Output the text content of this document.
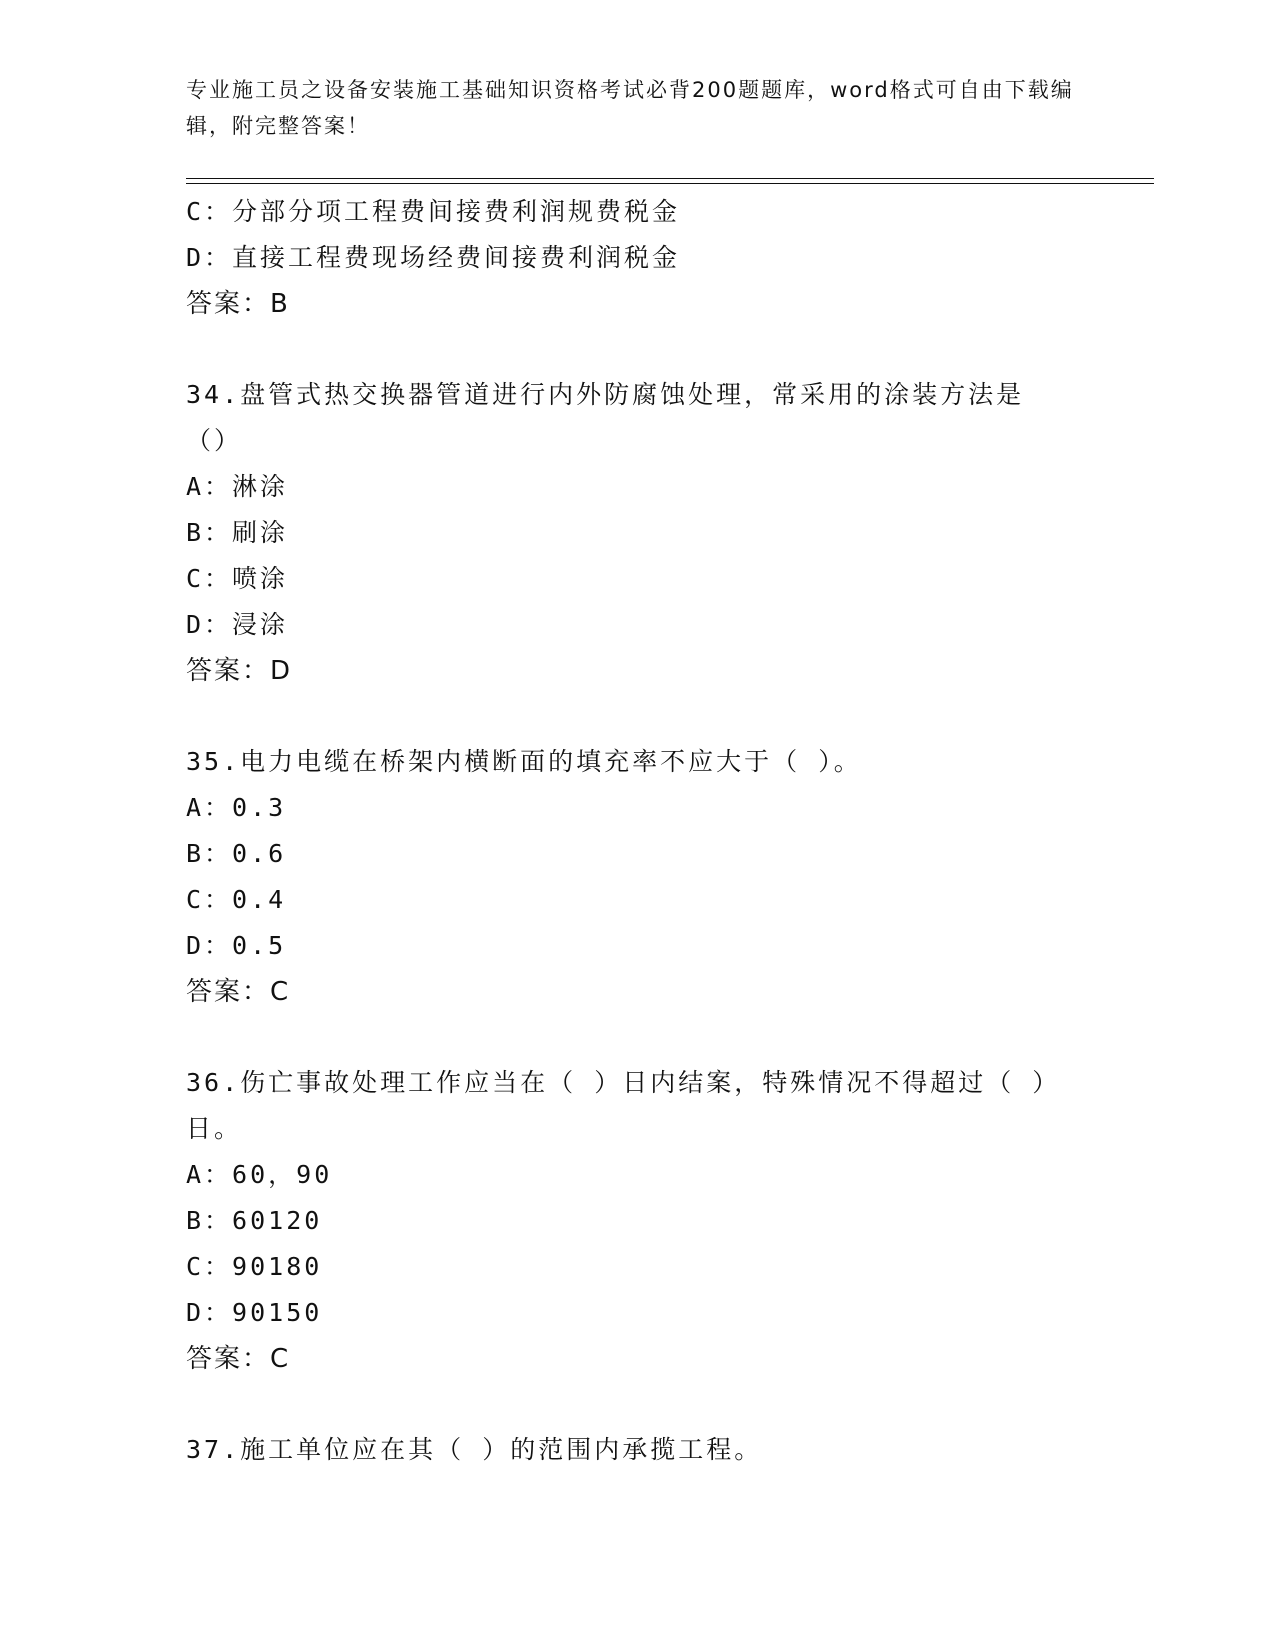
专业施工员之设备安装施工基础知识资格考试必背200题题库，word格式可自由下载编辑，附完整答案！
C：分部分项工程费间接费利润规费税金
D：直接工程费现场经费间接费利润税金
答案：B
34.盘管式热交换器管道进行内外防腐蚀处理，常采用的涂装方法是（）
A：淋涂
B：刷涂
C：喷涂
D：浸涂
答案：D
35.电力电缆在桥架内横断面的填充率不应大于（ ）。
A：0.3
B：0.6
C：0.4
D：0.5
答案：C
36.伤亡事故处理工作应当在（ ）日内结案，特殊情况不得超过（ ）日。
A：60，90
B：60120
C：90180
D：90150
答案：C
37.施工单位应在其（ ）的范围内承揽工程。
